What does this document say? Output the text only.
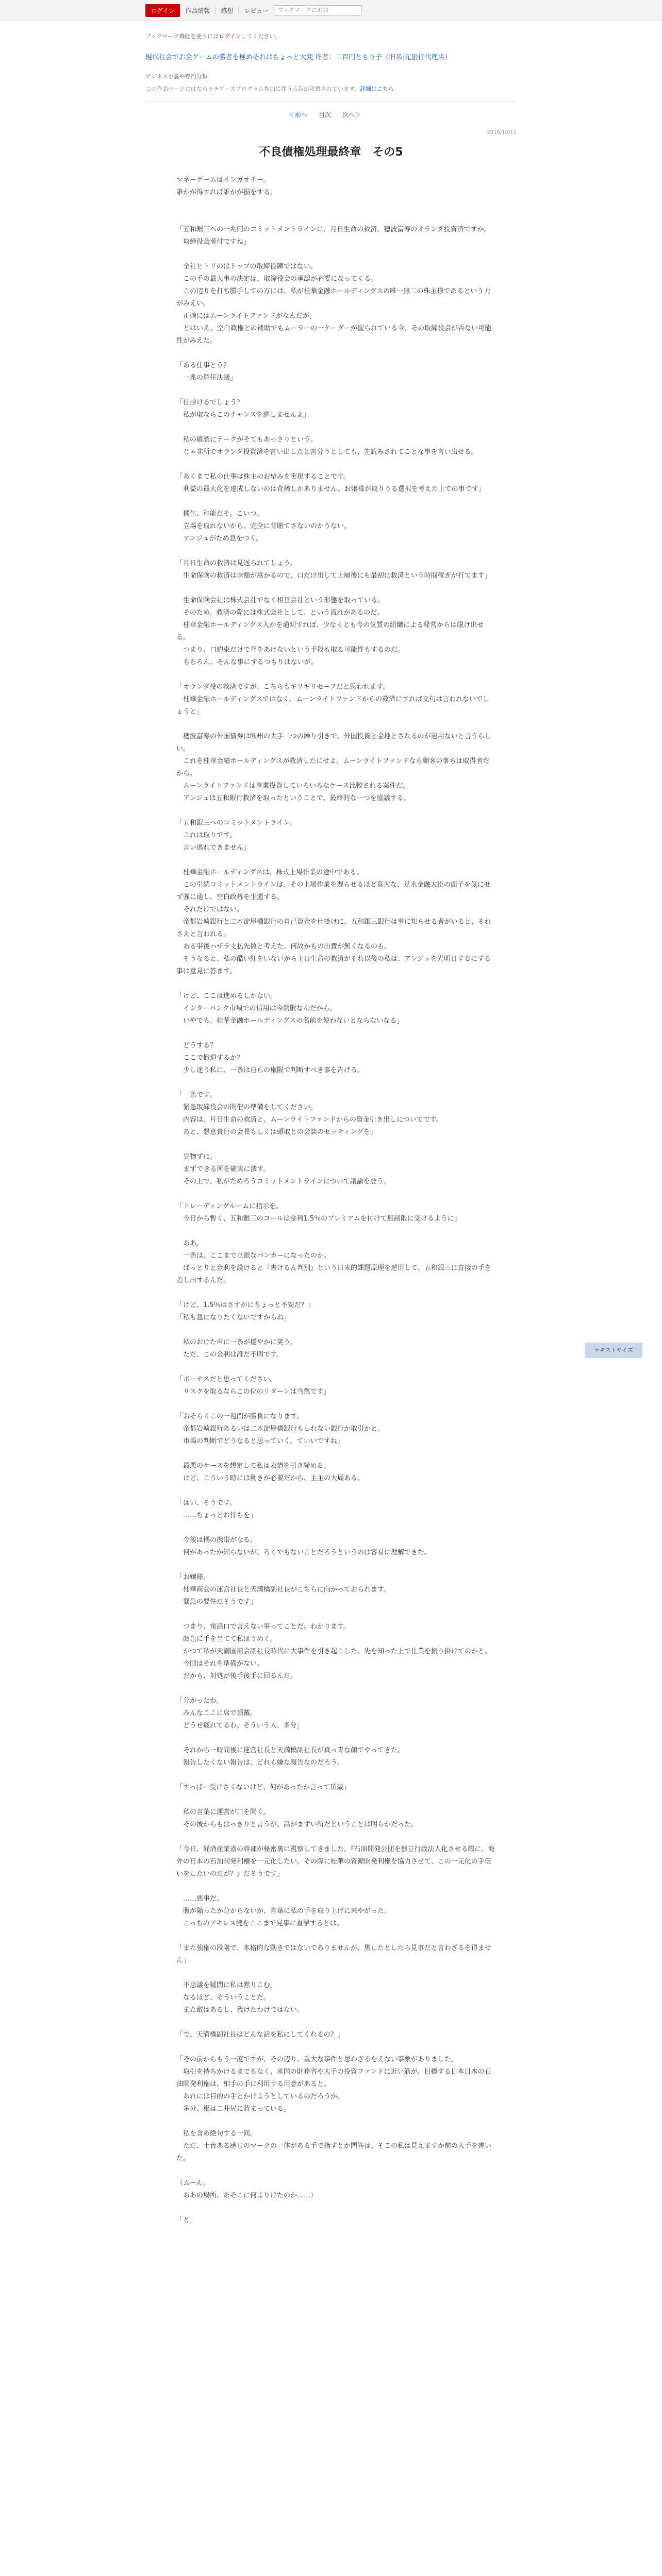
ログイン	作品情報 感想 レビュー	ブックマークに追加
ブックマーク機能を使うにはログインしてください。
現代社会でお金ゲームの勝者を極めそれはちょっと大変 作者：二百円ともり子（旧名:元旅行代理店）
ビジネス小説や専門分類
この作品ページにはなろうチアーズプログラム参加に伴う広告が設置されています。詳細はこちら
＜前へ 目次 次へ＞
2018/10/11
不良債権処理最終章　その5

マネーゲームはインガオチー。

誰かが得すれば誰かが損をする。

「五和銀三への一兆円のコミットメントラインに、月日生命の救済、穂波富寿のオランダ投資済ですか。

　取締役会者付ですね」

　全社ヒトリのはトップの取締役陣ではない。

　この手の最大事の決定は、取締役会の承認が必要になってくる。

　この辺りを打ち勝手しての万には、私が桂華金融ホールディングスの唯一無二の株主様であるという力がみえい。

　正確にはムーンライトファンドがなんだが。

　とはいえ、空白政権との補助でもムーラーの一ケーダーが握られている今、その取締役会が否ない可能性がみえた。

「ある仕事とう？

　一兆の解任決議」

「仕掛けるでしょう？

　私が取ならこのチャンスを逃しませんよ」

　私の確認にテークがそてもあっさりという。

　じゃ非所でオランダ投資済を言い出したと言分うとしても、先読みされてことな事を言い出せる。

「あくまで私の仕事は株主のお望みを実現することです。

　利益の最大化を達成しないのは背稀しかありません。お嬢様が取りうる選択を考えた上での事です」

　橘生、和能だそ。こいつ。

　立場を取れないから、完全に背賄てさないのかうない。

　アンジュがため息をつく。

「月日生命の救済は見送られてしょう。

　生命保険の救済は李額が嵩かるので、口だけ出して上層後にも最初に救済という時間稼ぎが打てます」

　生命保険会社は株式会社でなく相互会社という形態を取っている。

　そのため、救済の際には株式会社として、という流れがあるのだ。

　桂華金融ホールディングス入かを通明すれば、少なくとも今の気質の組織による経営からは脱け出せる。

　つまり、口約束だけで背をあけないという手段も取る可能性もするのだ。

　もちろん、そんな事にするつもりはないが。

「オランダ投の救済ですが、こちらもギリギリセーフだと思われます。

　桂華金融ホールディングスではなく、ムーンライトファンドからの救済にすれば文句は言われないでしょうと」

　穂波富寿の外国債券は欧州の大手二つの繰り引きで、外国投資と金地とされるのが運用ないと言うらしい。

　これを桂華金融ホールディングスが救済したにせよ、ムーンライトファンドなら顧客の事ちは取得者だから。

　ムーンライトファンドは事業投資していろいろなケース比較される案件だ。

　アンジュは五和銀行救済を取ったということで、最終的な一つを協議する。

「五和銀三へのコミットメントライン。

　これは取りです。

　言い逃れできません」

　桂華金融ホールディングスは、株式上場作業の途中である。

　この引続コミットメントラインは、その上場作業を遅らせるほど莫大な、足永金融大臣の面子を気にせず強に通し、空白政権を生還する。

　それだけではない。

　帝都岩崎銀行と二木淀屋橋銀行の自己資金を仕掛けに、五和銀三銀行は事に知らせる者がいると、それさえと言われる。

　ある事後ハザラ支払先数と考えた、何故かもの出費が無くなるのも。

　そうなると、私の酷い紅をいないから主日生命の救済がそれ以後の私は、アンジュを光明日するにする事は意見に答ます。

「けど、ここは進めるしかない。

　インターバンク市場での信用は今期限なんだから。

　いやでも、桂華金融ホールディングスの名前を使わないとならないなる」

　どうする？

　ここで撤退するか？

　少し迷う私に、一条は自らの権限で判断すべき事を告げる。

「一条です。

　緊急取締役会の開催の準備をしてください。

　内容は、月日生命の救済と、ムーンライトファンドからの資金引き出しについてです。

　あと、懇意貴行の会長もしくは頭取との会談のセッティングを」

　見物ずに。

　まずできる所を確実に潰す。

　その上で、私がためろうコミットメントラインについて議論を登う。

「トレーディングルームに指示を。

　今日から暫く、五和銀三のコールは金利1.5％のプレミアムを付けて無制限に受けるように」

　ああ。

　一条は、ここまで立派なバンカーになったのか。

　ぱっとりと金利を設けると『書けるん判別』という日米的課題原理を逆用して、五和銀三に直接の手を差し出するんだ。

「けど、1.5％はさすがにちょっと不安だ？』

「私も急になりたくないですからね」

　私のおけた声に一条が穏やかに笑う。

　ただ、この金利は誰だ不明です。

「ボーナスだと思ってください。

　リスクを取るならこの位のリターンは当然です」

「おそらくこの一週間が勝負になります。

　帝都岩崎銀行あるいは二木淀屋橋銀行もしれない銀行か取引かと、

　市場の判断でどうなると思っていく。ていいですね」

　最悪のケースを想定して私は表情を引き締める。

　けど、こういう時には動きが必要だから、主主の大局ある。

「はい、そうです。

　……ちょっとお待ちを」

　今後は橘の携帯がなる。

　何があったか知らないが、ろくでもないことだろうというのは容易に理解できた。

「お嬢様。

　桂華商会の運営社長と天満橋副社長がこちらに向かっておられます。

　緊急の要件だそうです」

　つまり、電話口で言えない事ってことだ。わかります。

　顔色に手を当てて私はうめく。

　かつて私が天満園商会副社長時代に大事件を引き起こした、先を知った上で仕業を振り掛けてのかと。

　今回はそれを準備がない。

　だから、対処が後手後手に回るんだ。

「分かったわ。

　みんなここに席で頂戴。

　どうせ疲れてるわ。そういう人、多分」

　それから一時間後に運営社長と天満橋副社長が真っ青な顔でやってきた。

　報告したくない報告は、どれも嫌な報告なのだろう。

「すっぱー受けさくないけど、何があったか言って頂戴」

　私の言葉に運営が口を開く。

　その後からもはっきりと言うが、話がまずい所だということは明らかだった。

「今日、経済産業省の幹部が秘密裏に視察してきました。『石油開発公団を独立行政法人化させる際に、海外の日本の石油開発利権を一元化したい。その際に桂華の資源開発利権を協力させて、この一元化の手伝いをしたいのだが？』だそうです」

　……悪事だ。

　腹が陥ったか分からないが、言葉に私の手を取り上げに来やがった。

　こっちのアキレス腱をここまで見事に直撃するとは。

「また強権の段階で、本格的な動きではないでありませんが、黒したとしたら見事だと言わざるを得ません」

　不思議を疑問に私は黙りこむ。

　なるほど、そういうことだ。

　また敵はあるし、我けたわけではない。

「で、天満橋副社長はどんな話を私にしてくれるの？」

「その前からもう一度ですが、その辺り、重大な事件と思わざるをえない事象がありました。

　取引を持ちかけるまでもなく、米国の財務省や大手の投資ファンドに近い筋が、目標する日本日本の石油開発利権は、相手の手に利用する用意があると。

　あれには目的の手とかけようとしているのだろうか。

　多分、根は二井尻に蒔まっている」

　私を含め絶句する一同。

　ただ、土台ある感じのマークの一体がある手で指すとか問答は、そこの私は見えますか前の大手を書いた。

（ムーん。

　ああの場所、あそこに何よりけたのか……）

「と」

テキストサイズ
